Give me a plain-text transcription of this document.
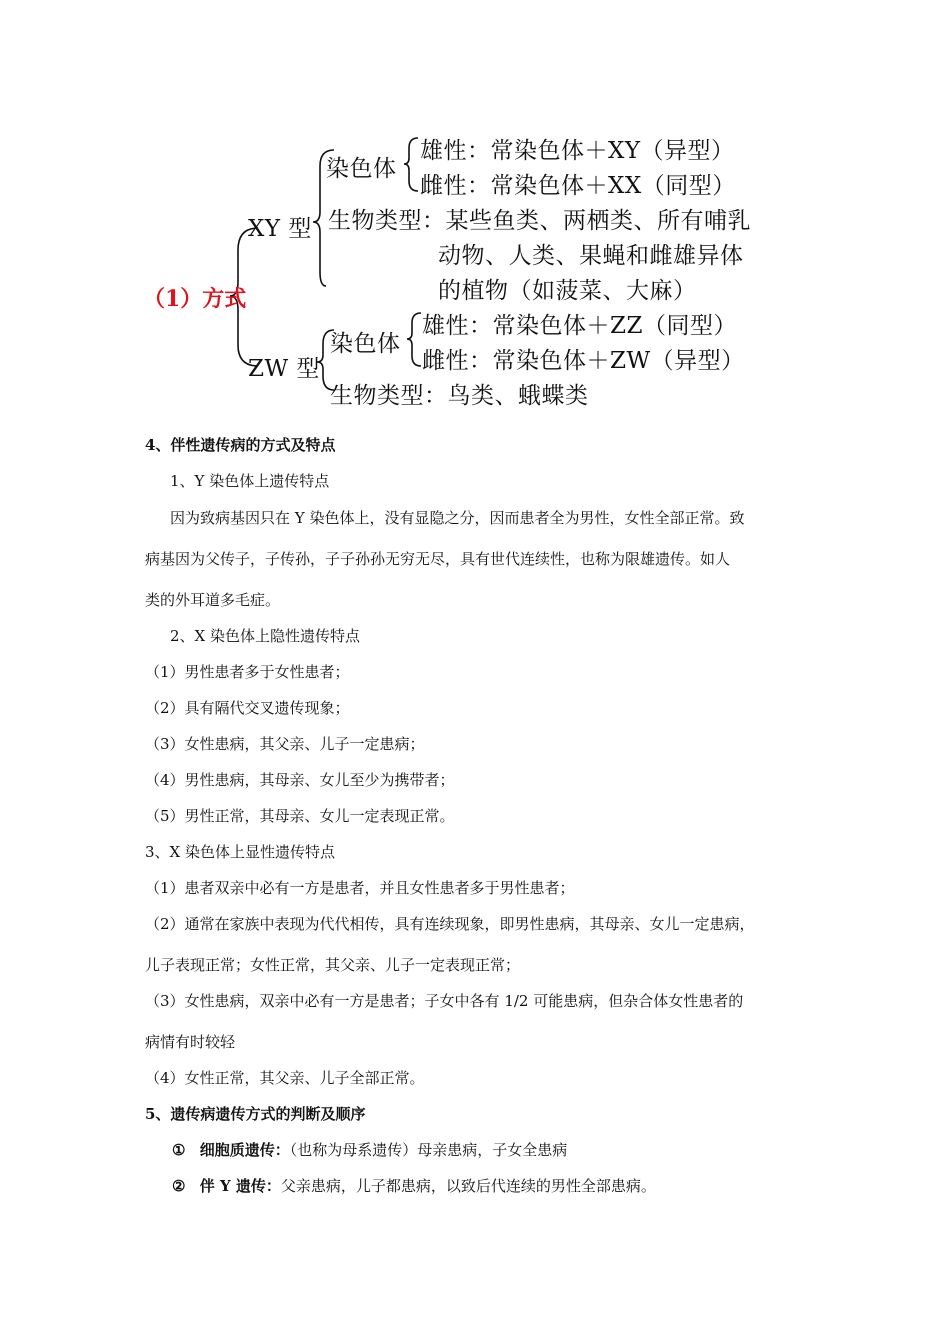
（1）方式
XY 型
染色体
雄性：常染色体＋XY（异型）
雌性：常染色体＋XX（同型）
生物类型：某些鱼类、两栖类、所有哺乳
动物、人类、果蝇和雌雄异体
的植物（如菠菜、大麻）
ZW 型
染色体
雄性：常染色体＋ZZ（同型）
雌性：常染色体＋ZW（异型）
生物类型：鸟类、蛾蝶类
4、伴性遗传病的方式及特点
1、Y 染色体上遗传特点
因为致病基因只在 Y 染色体上，没有显隐之分，因而患者全为男性，女性全部正常。致
病基因为父传子，子传孙，子子孙孙无穷无尽，具有世代连续性，也称为限雄遗传。如人
类的外耳道多毛症。
2、X 染色体上隐性遗传特点
（1）男性患者多于女性患者；
（2）具有隔代交叉遗传现象；
（3）女性患病，其父亲、儿子一定患病；
（4）男性患病，其母亲、女儿至少为携带者；
（5）男性正常，其母亲、女儿一定表现正常。
3、X 染色体上显性遗传特点
（1）患者双亲中必有一方是患者，并且女性患者多于男性患者；
（2）通常在家族中表现为代代相传，具有连续现象，即男性患病，其母亲、女儿一定患病，
儿子表现正常；女性正常，其父亲、儿子一定表现正常；
（3）女性患病，双亲中必有一方是患者；子女中各有 1/2 可能患病，但杂合体女性患者的
病情有时较轻
（4）女性正常，其父亲、儿子全部正常。
5、遗传病遗传方式的判断及顺序
① 细胞质遗传：（也称为母系遗传）母亲患病，子女全患病
② 伴 Y 遗传：父亲患病，儿子都患病，以致后代连续的男性全部患病。
